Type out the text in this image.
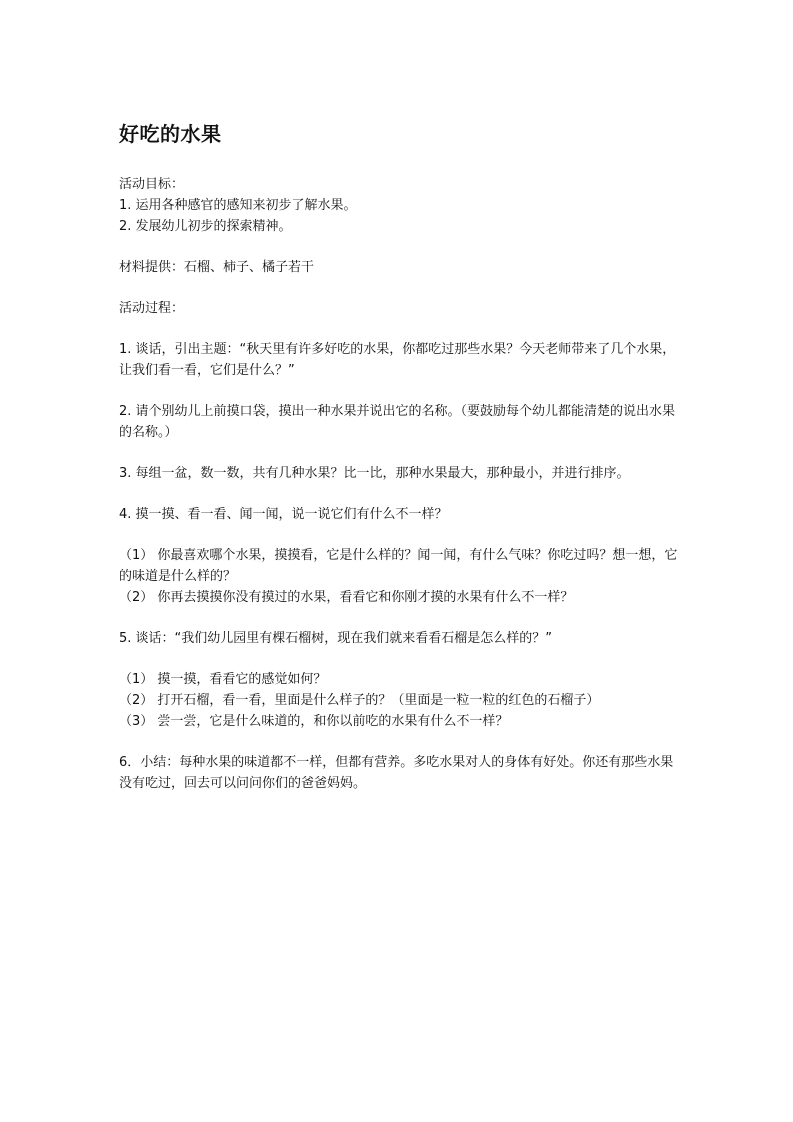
好吃的水果

活动目标：

1. 运用各种感官的感知来初步了解水果。

2. 发展幼儿初步的探索精神。

材料提供：石榴、柿子、橘子若干

活动过程：

1. 谈话，引出主题：“秋天里有许多好吃的水果，你都吃过那些水果？今天老师带来了几个水果，让我们看一看，它们是什么？”

2. 请个别幼儿上前摸口袋，摸出一种水果并说出它的名称。（要鼓励每个幼儿都能清楚的说出水果的名称。）

3. 每组一盆，数一数，共有几种水果？比一比，那种水果最大，那种最小，并进行排序。

4. 摸一摸、看一看、闻一闻，说一说它们有什么不一样？

（1） 你最喜欢哪个水果，摸摸看，它是什么样的？闻一闻，有什么气味？你吃过吗？想一想，它的味道是什么样的？

（2） 你再去摸摸你没有摸过的水果，看看它和你刚才摸的水果有什么不一样？

5. 谈话：“我们幼儿园里有棵石榴树，现在我们就来看看石榴是怎么样的？”

（1） 摸一摸，看看它的感觉如何？

（2） 打开石榴，看一看，里面是什么样子的？（里面是一粒一粒的红色的石榴子）

（3） 尝一尝，它是什么味道的，和你以前吃的水果有什么不一样？

6．小结：每种水果的味道都不一样，但都有营养。多吃水果对人的身体有好处。你还有那些水果没有吃过，回去可以问问你们的爸爸妈妈。
